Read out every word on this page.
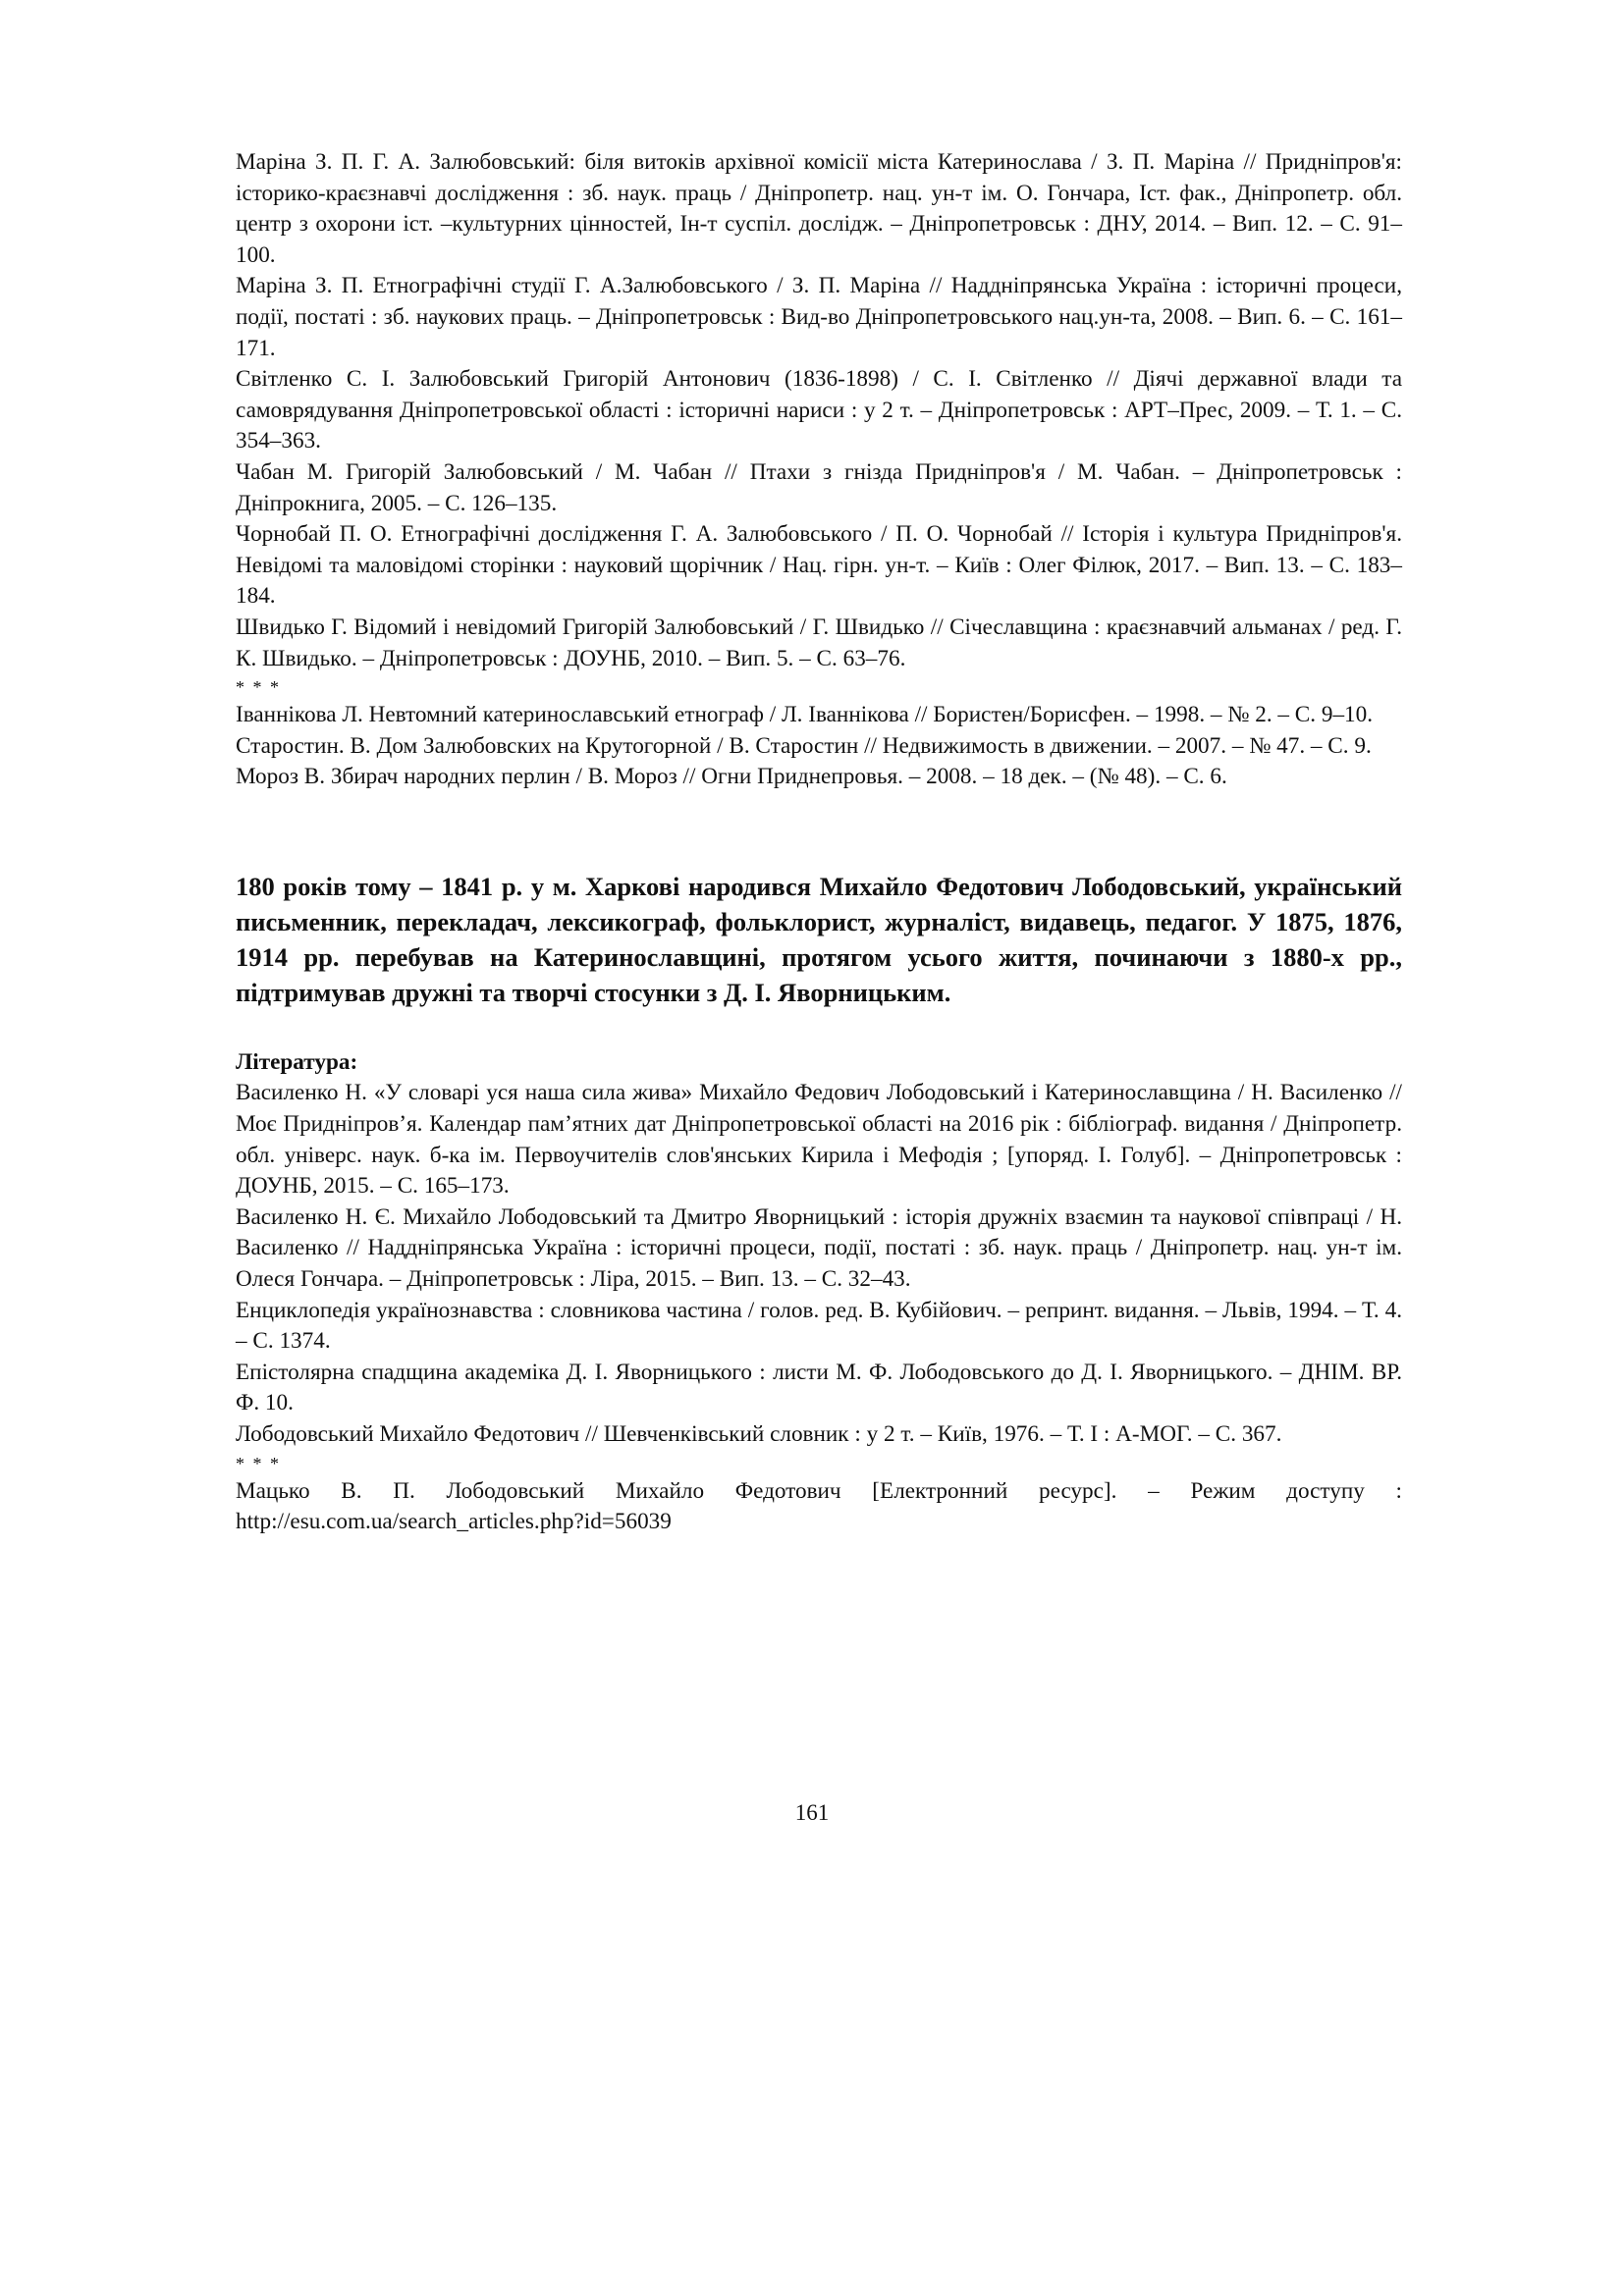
Маріна З. П. Г. А. Залюбовський: біля витоків архівної комісії міста Катеринослава / З. П. Маріна // Придніпров'я: історико-краєзнавчі дослідження : зб. наук. праць / Дніпропетр. нац. ун-т ім. О. Гончара, Іст. фак., Дніпропетр. обл. центр з охорони іст. –культурних цінностей, Ін-т суспіл. дослідж. – Дніпропетровськ : ДНУ, 2014. – Вип. 12. – С. 91–100.

Маріна З. П. Етнографічні студії Г. А.Залюбовського / З. П. Маріна // Наддніпрянська Україна : історичні процеси, події, постаті : зб. наукових праць. – Дніпропетровськ : Вид-во Дніпропетровського нац.ун-та, 2008. – Вип. 6. – С. 161–171.

Світленко С. І. Залюбовський Григорій Антонович (1836-1898) / С. І. Світленко // Діячі державної влади та самоврядування Дніпропетровської області : історичні нариси : у 2 т. – Дніпропетровськ : АРТ–Прес, 2009. – Т. 1. – С. 354–363.

Чабан М. Григорій Залюбовський / М. Чабан // Птахи з гнізда Придніпров'я / М. Чабан. – Дніпропетровськ : Дніпрокнига, 2005. – С. 126–135.

Чорнобай П. О. Етнографічні дослідження Г. А. Залюбовського / П. О. Чорнобай // Історія і культура Придніпров'я. Невідомі та маловідомі сторінки : науковий щорічник / Нац. гірн. ун-т. – Київ : Олег Філюк, 2017. – Вип. 13. – С. 183–184.

Швидько Г. Відомий і невідомий Григорій Залюбовський / Г. Швидько // Січеславщина : краєзнавчий альманах / ред. Г. К. Швидько. – Дніпропетровськ : ДОУНБ, 2010. – Вип. 5. – С. 63–76.

* * *

Іваннікова Л. Невтомний катеринославський етнограф / Л. Іваннікова // Бористен/Борисфен. – 1998. – № 2. – С. 9–10.

Старостин. В. Дом Залюбовских на Крутогорной / В. Старостин // Недвижимость в движении. – 2007. – № 47. – С. 9.

Мороз В. Збирач народних перлин / В. Мороз // Огни Приднепровья. – 2008. – 18 дек. – (№ 48). – С. 6.

180 років тому – 1841 р. у м. Харкові народився Михайло Федотович Лободовський, український письменник, перекладач, лексикограф, фольклорист, журналіст, видавець, педагог. У 1875, 1876, 1914 рр. перебував на Катеринославщині, протягом усього життя, починаючи з 1880-х рр., підтримував дружні та творчі стосунки з Д. І. Яворницьким.

Література:

Василенко Н. «У словарі уся наша сила жива» Михайло Федович Лободовський і Катеринославщина / Н. Василенко // Моє Придніпров’я. Календар пам’ятних дат Дніпропетровської області на 2016 рік : бібліограф. видання / Дніпропетр. обл. універс. наук. б-ка ім. Первоучителів слов'янських Кирила і Мефодія ; [упоряд. І. Голуб]. – Дніпропетровськ : ДОУНБ, 2015. – С. 165–173.

Василенко Н. Є. Михайло Лободовський та Дмитро Яворницький : історія дружніх взаємин та наукової співпраці / Н. Василенко // Наддніпрянська Україна : історичні процеси, події, постаті : зб. наук. праць / Дніпропетр. нац. ун-т ім. Олеся Гончара. – Дніпропетровськ : Ліра, 2015. – Вип. 13. – С. 32–43.

Енциклопедія українознавства : словникова частина / голов. ред. В. Кубійович. – репринт. видання. – Львів, 1994. – Т. 4. – С. 1374.

Епістолярна спадщина академіка Д. І. Яворницького : листи М. Ф. Лободовського до Д. І. Яворницького. – ДНІМ. ВР. Ф. 10.

Лободовський Михайло Федотович // Шевченківський словник : у 2 т. – Київ, 1976. – Т. І : А-МОГ. – С. 367.

* * *

Мацько В. П. Лободовський Михайло Федотович [Електронний ресурс]. – Режим доступу : http://esu.com.ua/search_articles.php?id=56039

161
